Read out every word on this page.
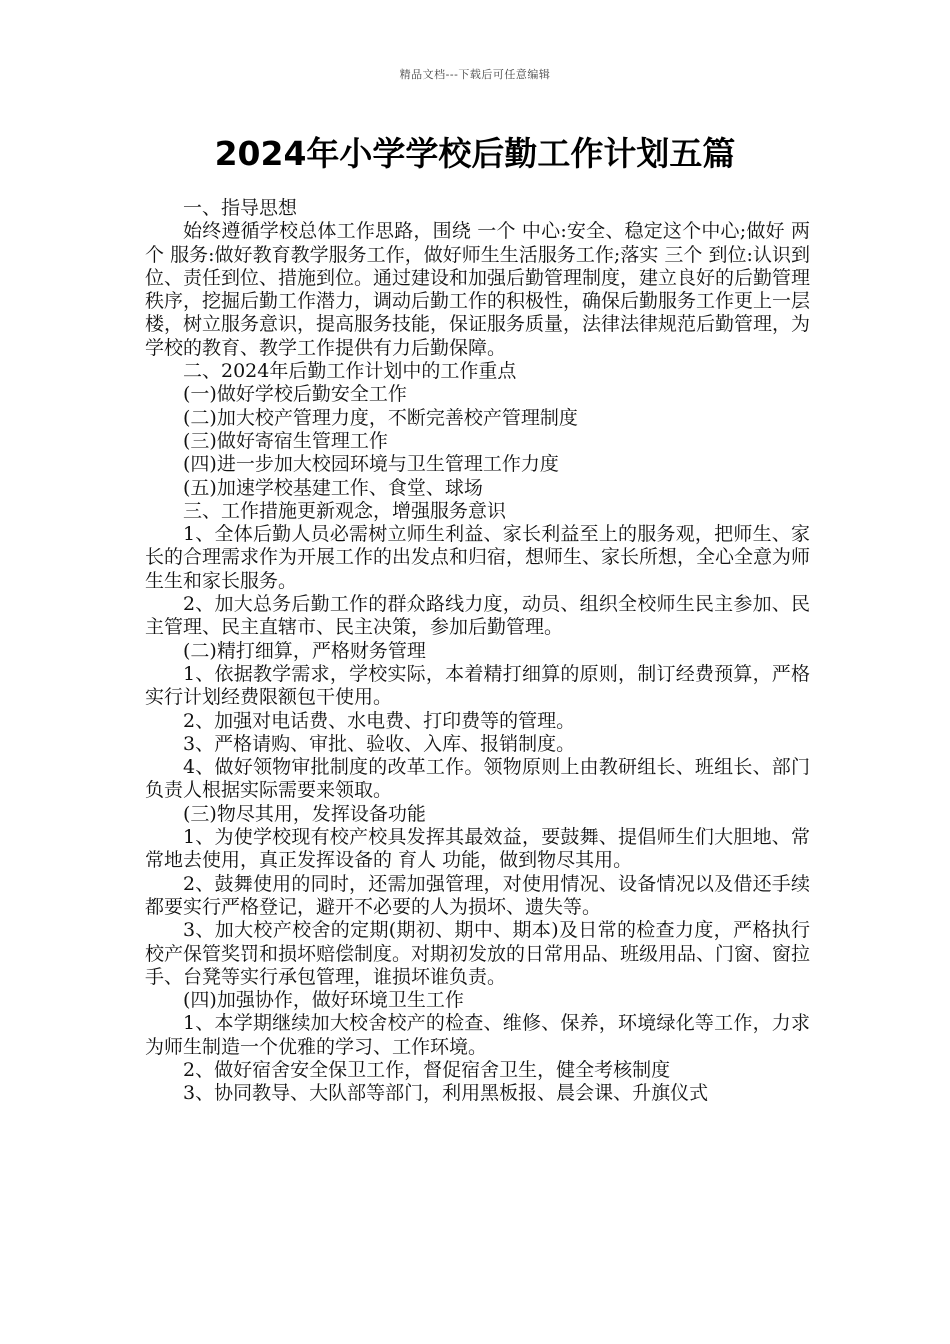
精品文档---下载后可任意编辑
2024年小学学校后勤工作计划五篇

一、指导思想

始终遵循学校总体工作思路，围绕 一个 中心:安全、稳定这个中心;做好 两个 服务:做好教育教学服务工作，做好师生生活服务工作;落实 三个 到位:认识到位、责任到位、措施到位。通过建设和加强后勤管理制度，建立良好的后勤管理秩序，挖掘后勤工作潜力，调动后勤工作的积极性，确保后勤服务工作更上一层楼，树立服务意识，提高服务技能，保证服务质量，法律法律规范后勤管理，为学校的教育、教学工作提供有力后勤保障。

二、2024年后勤工作计划中的工作重点

(一)做好学校后勤安全工作

(二)加大校产管理力度，不断完善校产管理制度

(三)做好寄宿生管理工作

(四)进一步加大校园环境与卫生管理工作力度

(五)加速学校基建工作、食堂、球场

三、工作措施更新观念，增强服务意识

1、全体后勤人员必需树立师生利益、家长利益至上的服务观，把师生、家长的合理需求作为开展工作的出发点和归宿，想师生、家长所想，全心全意为师生生和家长服务。

2、加大总务后勤工作的群众路线力度，动员、组织全校师生民主参加、民主管理、民主直辖市、民主决策，参加后勤管理。

(二)精打细算，严格财务管理

1、依据教学需求，学校实际，本着精打细算的原则，制订经费预算，严格实行计划经费限额包干使用。

2、加强对电话费、水电费、打印费等的管理。

3、严格请购、审批、验收、入库、报销制度。

4、做好领物审批制度的改革工作。领物原则上由教研组长、班组长、部门负责人根据实际需要来领取。

(三)物尽其用，发挥设备功能

1、为使学校现有校产校具发挥其最效益，要鼓舞、提倡师生们大胆地、常常地去使用，真正发挥设备的 育人 功能，做到物尽其用。

2、鼓舞使用的同时，还需加强管理，对使用情况、设备情况以及借还手续都要实行严格登记，避开不必要的人为损坏、遗失等。

3、加大校产校舍的定期(期初、期中、期本)及日常的检查力度，严格执行校产保管奖罚和损坏赔偿制度。对期初发放的日常用品、班级用品、门窗、窗拉手、台凳等实行承包管理，谁损坏谁负责。

(四)加强协作，做好环境卫生工作

1、本学期继续加大校舍校产的检查、维修、保养，环境绿化等工作，力求为师生制造一个优雅的学习、工作环境。

2、做好宿舍安全保卫工作，督促宿舍卫生，健全考核制度

3、协同教导、大队部等部门，利用黑板报、晨会课、升旗仪式
